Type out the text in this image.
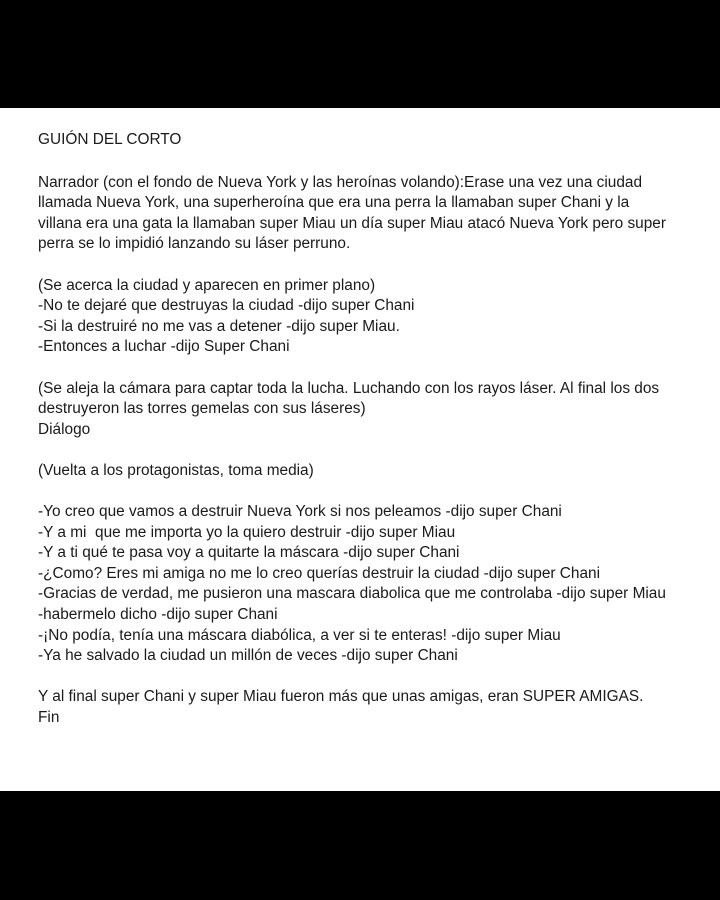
GUIÓN DEL CORTO

Narrador (con el fondo de Nueva York y las heroínas volando):Erase una vez una ciudad
llamada Nueva York, una superheroína que era una perra la llamaban super Chani y la
villana era una gata la llamaban super Miau un día super Miau atacó Nueva York pero super
perra se lo impidió lanzando su láser perruno.

(Se acerca la ciudad y aparecen en primer plano)
-No te dejaré que destruyas la ciudad -dijo super Chani
-Si la destruiré no me vas a detener -dijo super Miau.
-Entonces a luchar -dijo Super Chani

(Se aleja la cámara para captar toda la lucha. Luchando con los rayos láser. Al final los dos
destruyeron las torres gemelas con sus láseres)
Diálogo

(Vuelta a los protagonistas, toma media)

-Yo creo que vamos a destruir Nueva York si nos peleamos -dijo super Chani
-Y a mi  que me importa yo la quiero destruir -dijo super Miau
-Y a ti qué te pasa voy a quitarte la máscara -dijo super Chani
-¿Como? Eres mi amiga no me lo creo querías destruir la ciudad -dijo super Chani
-Gracias de verdad, me pusieron una mascara diabolica que me controlaba -dijo super Miau
-habermelo dicho -dijo super Chani
-¡No podía, tenía una máscara diabólica, a ver si te enteras! -dijo super Miau
-Ya he salvado la ciudad un millón de veces -dijo super Chani

Y al final super Chani y super Miau fueron más que unas amigas, eran SUPER AMIGAS.
Fin
